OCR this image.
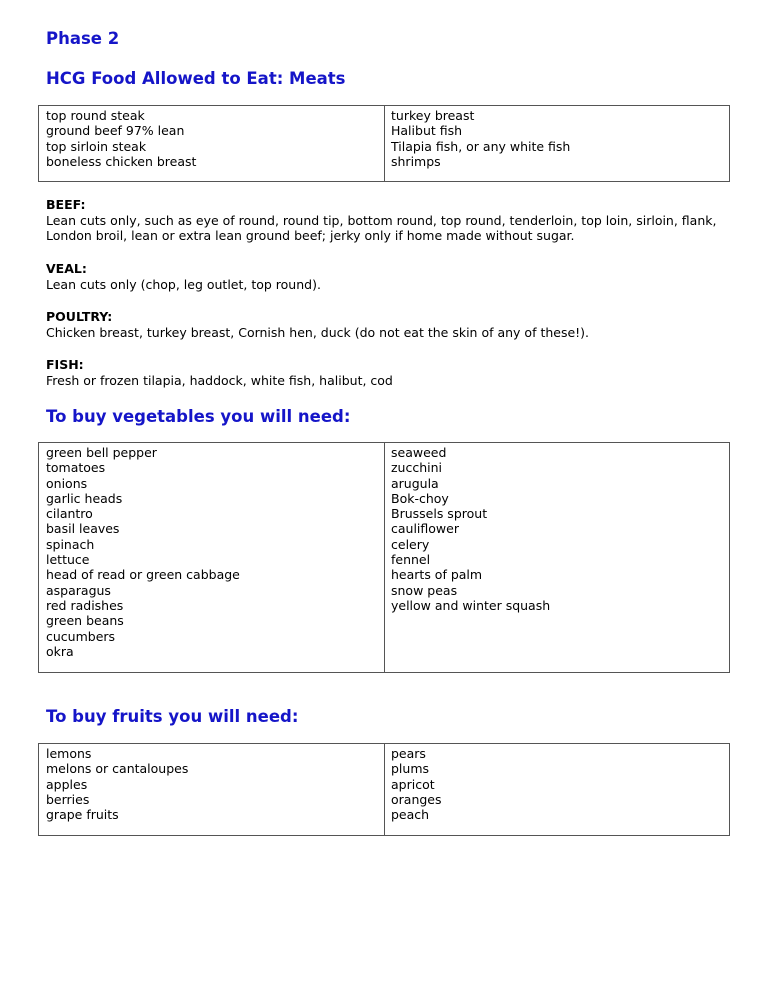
Phase 2
HCG Food Allowed to Eat: Meats
top round steak
ground beef 97% lean
top sirloin steak
boneless chicken breast
turkey breast
Halibut fish
Tilapia fish, or any white fish
shrimps
BEEF:
Lean cuts only, such as eye of round, round tip, bottom round, top round, tenderloin, top loin, sirloin, flank, London broil, lean or extra lean ground beef; jerky only if home made without sugar.
VEAL:
Lean cuts only (chop, leg outlet, top round).
POULTRY:
Chicken breast, turkey breast, Cornish hen, duck (do not eat the skin of any of these!).
FISH:
Fresh or frozen tilapia, haddock, white fish, halibut, cod
To buy vegetables you will need:
green bell pepper
tomatoes
onions
garlic heads
cilantro
basil leaves
spinach
lettuce
head of read or green cabbage
asparagus
red radishes
green beans
cucumbers
okra
seaweed
zucchini
arugula
Bok-choy
Brussels sprout
cauliflower
celery
fennel
hearts of palm
snow peas
yellow and winter squash
To buy fruits you will need:
lemons
melons or cantaloupes
apples
berries
grape fruits
pears
plums
apricot
oranges
peach
